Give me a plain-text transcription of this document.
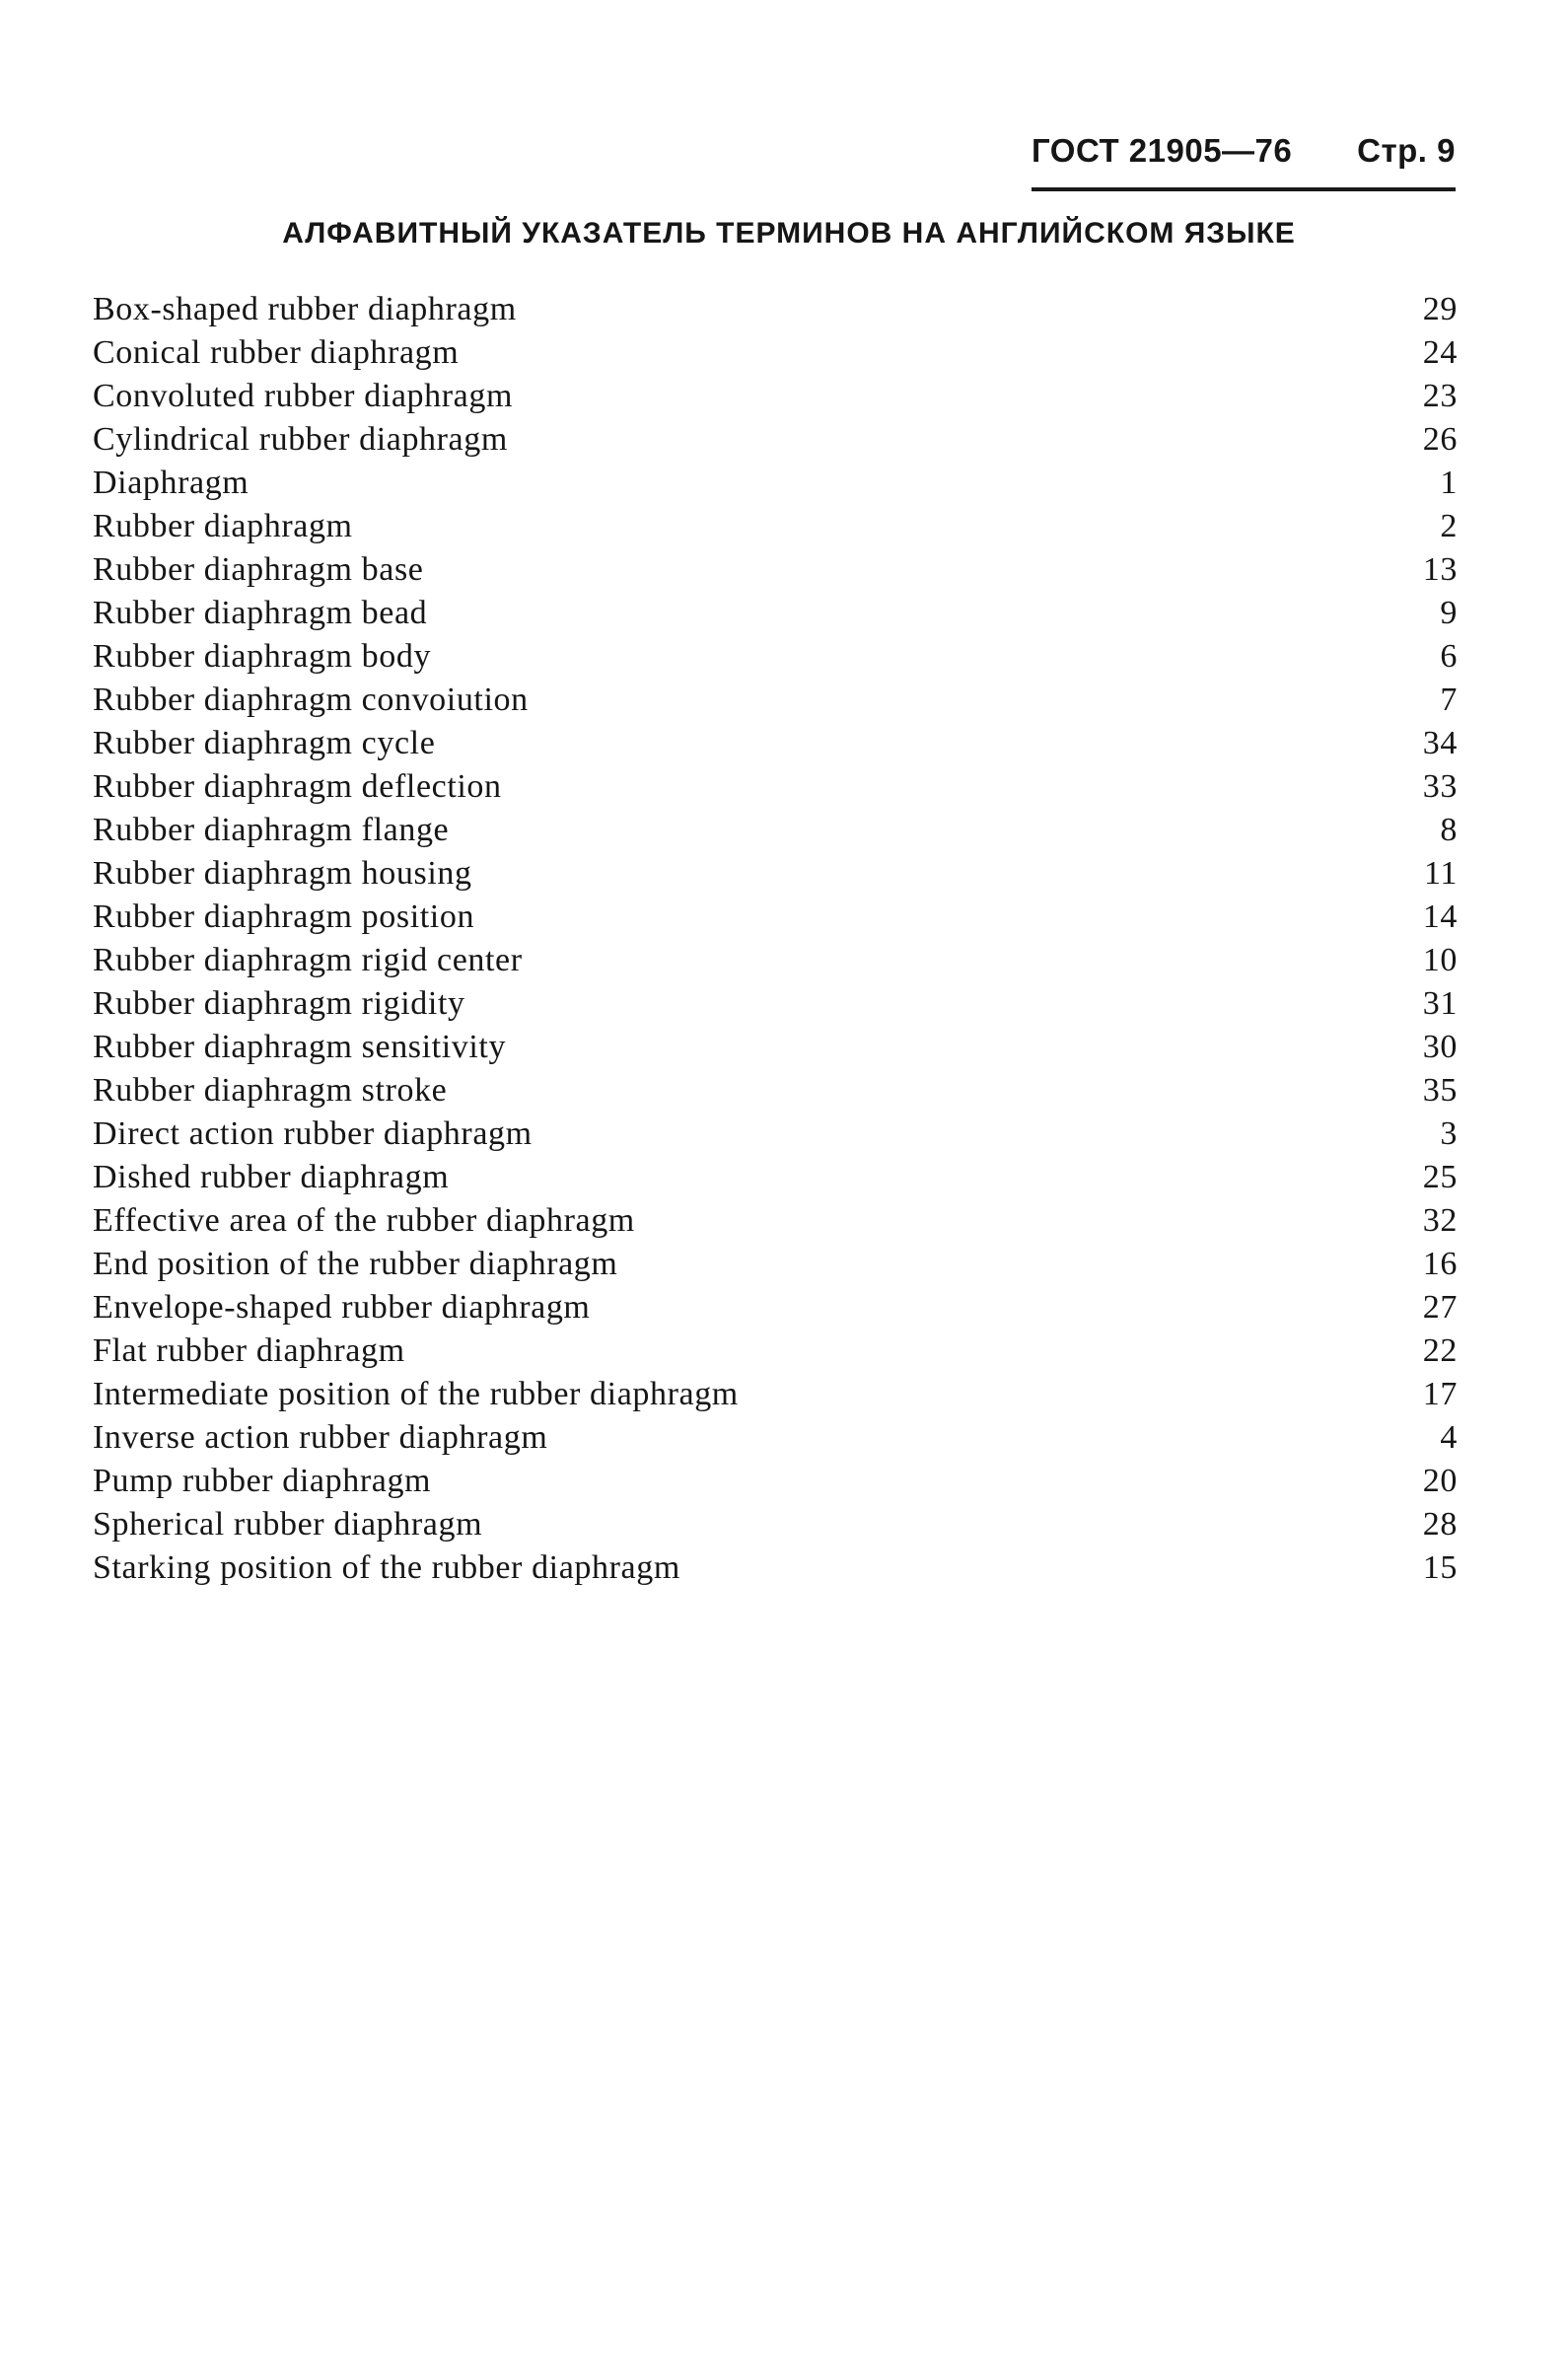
ГОСТ 21905—76 Стр. 9
АЛФАВИТНЫЙ УКАЗАТЕЛЬ ТЕРМИНОВ НА АНГЛИЙСКОМ ЯЗЫКЕ
Box-shaped rubber diaphragm	29
Conical rubber diaphragm	24
Convoluted rubber diaphragm	23
Cylindrical rubber diaphragm	26
Diaphragm	1
Rubber diaphragm	2
Rubber diaphragm base	13
Rubber diaphragm bead	9
Rubber diaphragm body	6
Rubber diaphragm convoiution	7
Rubber diaphragm cycle	34
Rubber diaphragm deflection	33
Rubber diaphragm flange	8
Rubber diaphragm housing	11
Rubber diaphragm position	14
Rubber diaphragm rigid center	10
Rubber diaphragm rigidity	31
Rubber diaphragm sensitivity	30
Rubber diaphragm stroke	35
Direct action rubber diaphragm	3
Dished rubber diaphragm	25
Effective area of the rubber diaphragm	32
End position of the rubber diaphragm	16
Envelope-shaped rubber diaphragm	27
Flat rubber diaphragm	22
Intermediate position of the rubber diaphragm	17
Inverse action rubber diaphragm	4
Pump rubber diaphragm	20
Spherical rubber diaphragm	28
Starking position of the rubber diaphragm	15
